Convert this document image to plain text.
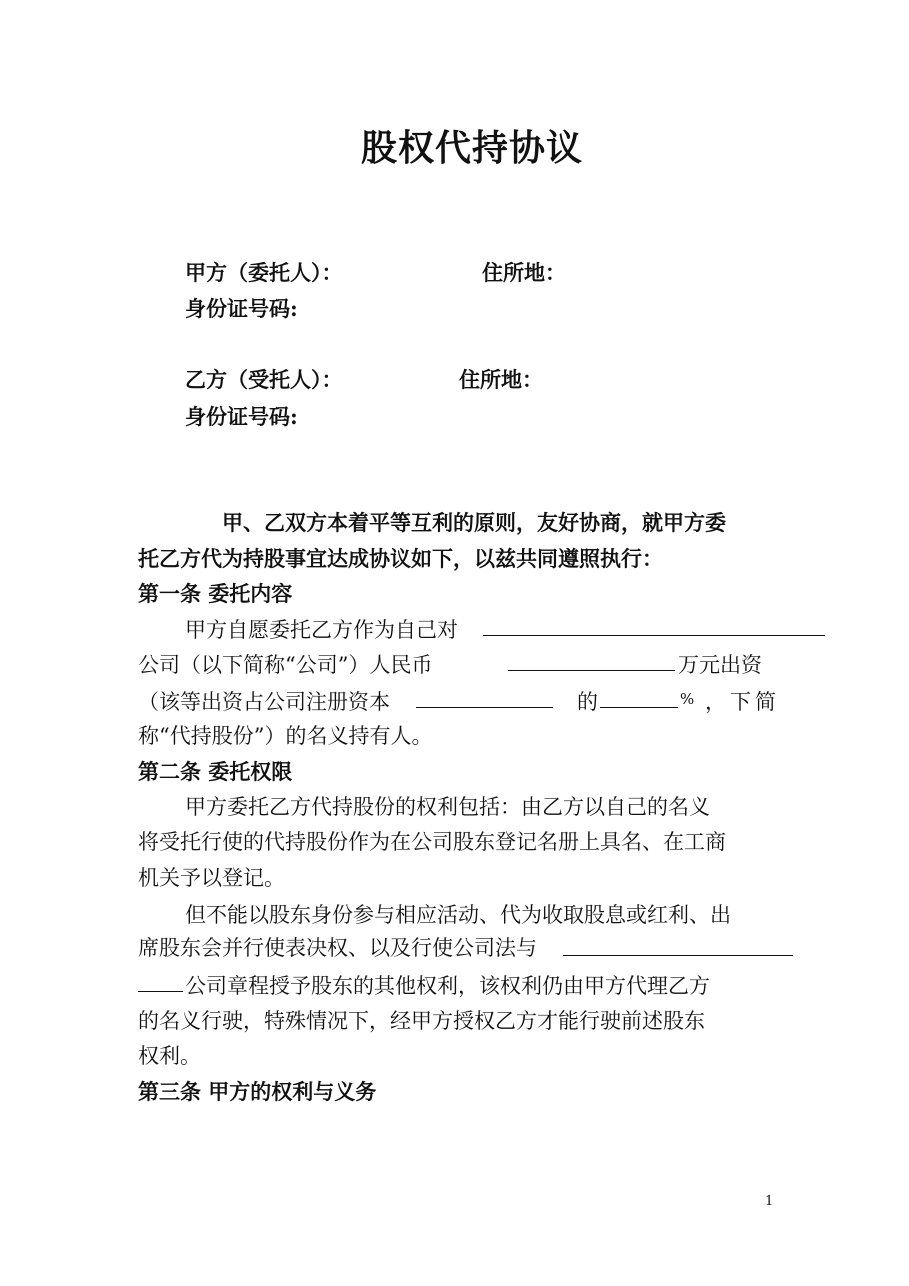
股权代持协议
甲方（委托人）：	住所地：
身份证号码:
乙方（受托人）：	住所地：
身份证号码:
甲、乙双方本着平等互利的原则，友好协商，就甲方委
托乙方代为持股事宜达成协议如下，以兹共同遵照执行：
第一条 委托内容
甲方自愿委托乙方作为自己对
公司（以下简称“公司”）人民币	万元出资
（该等出资占公司注册资本	的	% ，下简
称“代持股份”）的名义持有人。
第二条 委托权限
甲方委托乙方代持股份的权利包括：由乙方以自己的名义
将受托行使的代持股份作为在公司股东登记名册上具名、在工商
机关予以登记。
但不能以股东身份参与相应活动、代为收取股息或红利、出
席股东会并行使表决权、以及行使公司法与
公司章程授予股东的其他权利，该权利仍由甲方代理乙方
的名义行驶，特殊情况下，经甲方授权乙方才能行驶前述股东
权利。
第三条 甲方的权利与义务
1
